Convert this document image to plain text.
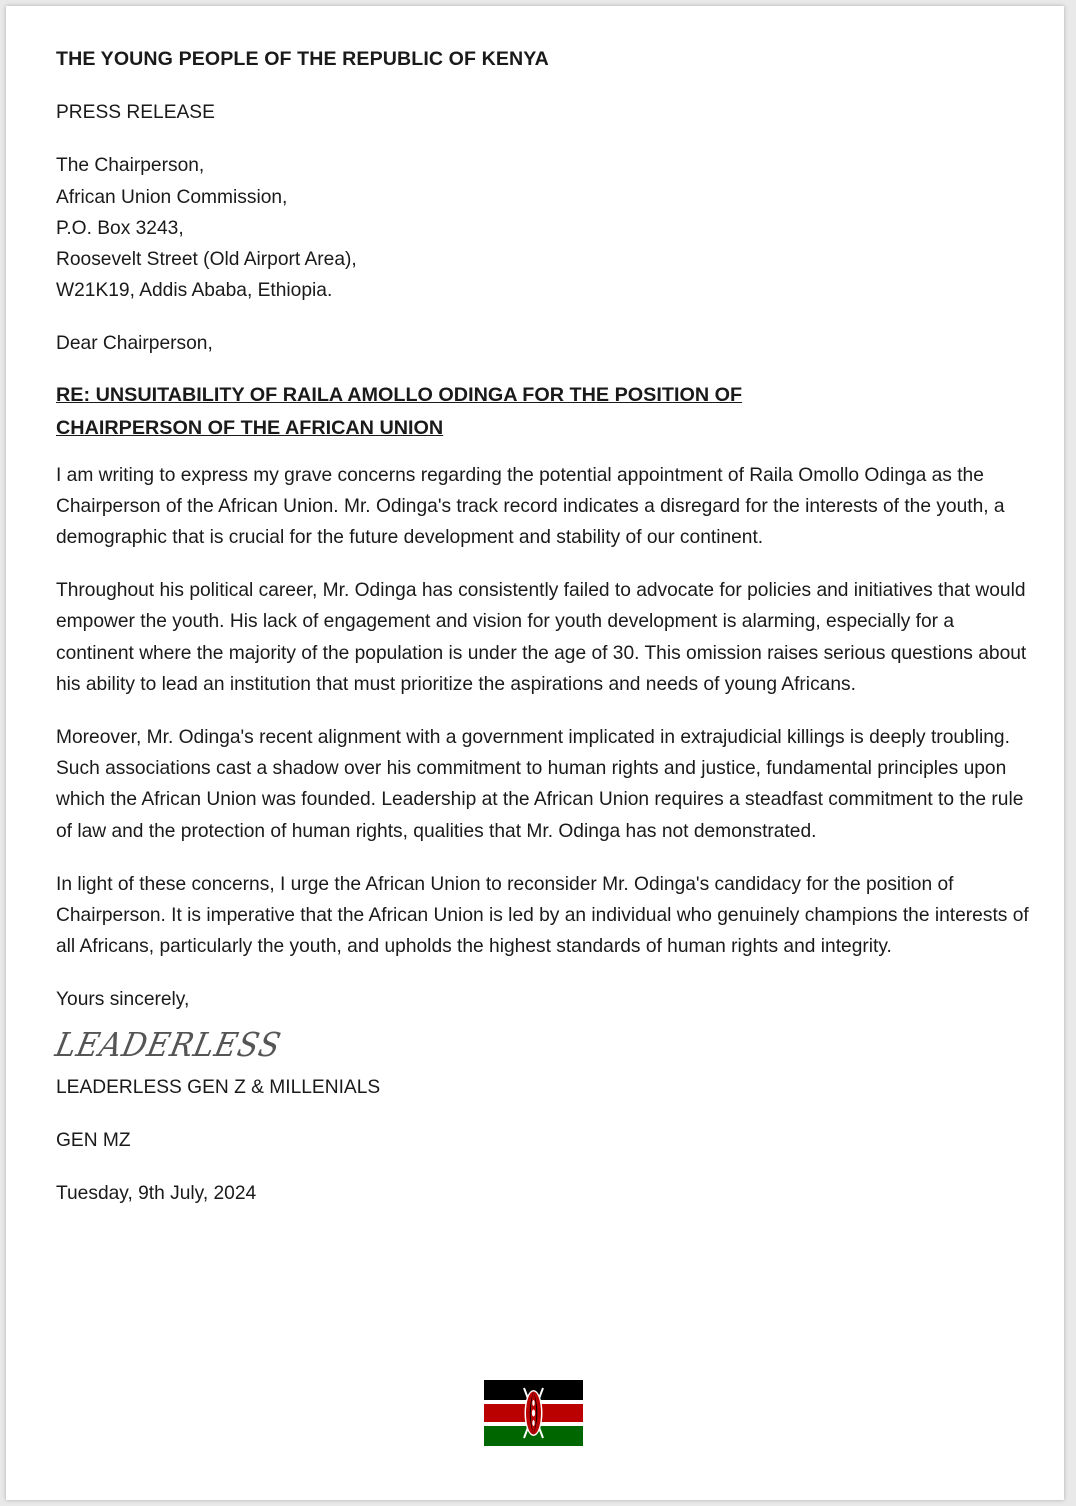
THE YOUNG PEOPLE OF THE REPUBLIC OF KENYA
PRESS RELEASE
The Chairperson,
African Union Commission,
P.O. Box 3243,
Roosevelt Street (Old Airport Area),
W21K19, Addis Ababa, Ethiopia.
Dear Chairperson,
RE: UNSUITABILITY OF RAILA AMOLLO ODINGA FOR THE POSITION OF CHAIRPERSON OF THE AFRICAN UNION
I am writing to express my grave concerns regarding the potential appointment of Raila Omollo Odinga as the Chairperson of the African Union. Mr. Odinga's track record indicates a disregard for the interests of the youth, a demographic that is crucial for the future development and stability of our continent.
Throughout his political career, Mr. Odinga has consistently failed to advocate for policies and initiatives that would empower the youth. His lack of engagement and vision for youth development is alarming, especially for a continent where the majority of the population is under the age of 30. This omission raises serious questions about his ability to lead an institution that must prioritize the aspirations and needs of young Africans.
Moreover, Mr. Odinga's recent alignment with a government implicated in extrajudicial killings is deeply troubling. Such associations cast a shadow over his commitment to human rights and justice, fundamental principles upon which the African Union was founded. Leadership at the African Union requires a steadfast commitment to the rule of law and the protection of human rights, qualities that Mr. Odinga has not demonstrated.
In light of these concerns, I urge the African Union to reconsider Mr. Odinga's candidacy for the position of Chairperson. It is imperative that the African Union is led by an individual who genuinely champions the interests of all Africans, particularly the youth, and upholds the highest standards of human rights and integrity.
Yours sincerely,
LEADERLESS
LEADERLESS GEN Z & MILLENIALS
GEN MZ
Tuesday, 9th July, 2024
